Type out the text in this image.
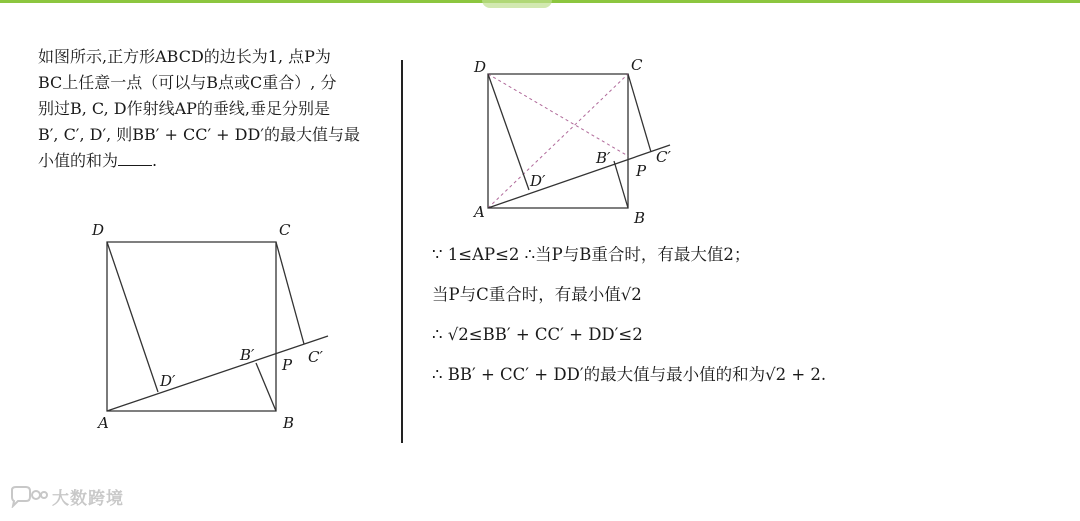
如图所示,正方形ABCD的边长为1, 点P为
BC上任意一点（可以与B点或C重合）, 分
别过B, C, D作射线AP的垂线,垂足分别是
B′, C′, D′, 则BB′ + CC′ + DD′的最大值与最
小值的和为 .
D	C
A	B
D′
B′
P C′
D	C
A	B
D′
B′
P
C′
∵ 1≤AP≤2 ∴当P与B重合时，有最大值2；
当P与C重合时，有最小值√2
∴ √2≤BB′ + CC′ + DD′≤2
∴ BB′ + CC′ + DD′的最大值与最小值的和为√2 + 2.
大数跨境
